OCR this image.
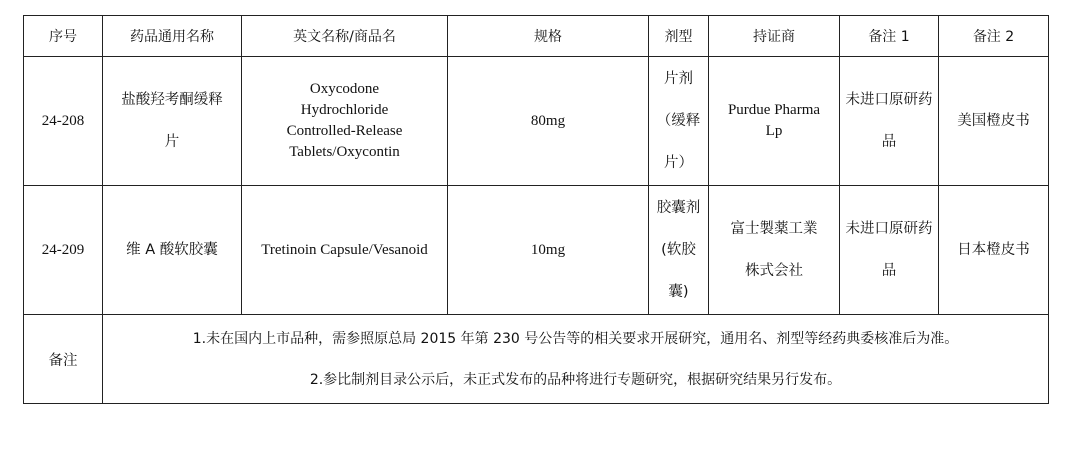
序号	药品通用名称	英文名称/商品名	规格	剂型	持证商	备注 1	备注 2
24-208	盐酸羟考酮缓释片	Oxycodone Hydrochloride Controlled-Release Tablets/Oxycontin	80mg	片剂（缓释片）	Purdue Pharma Lp	未进口原研药品	美国橙皮书
24-209	维 A 酸软胶囊	Tretinoin Capsule/Vesanoid	10mg	胶囊剂(软胶囊)	富士製薬工業株式会社	未进口原研药品	日本橙皮书
备注	1.未在国内上市品种，需参照原总局 2015 年第 230 号公告等的相关要求开展研究，通用名、剂型等经药典委核准后为准。
2.参比制剂目录公示后，未正式发布的品种将进行专题研究，根据研究结果另行发布。						
